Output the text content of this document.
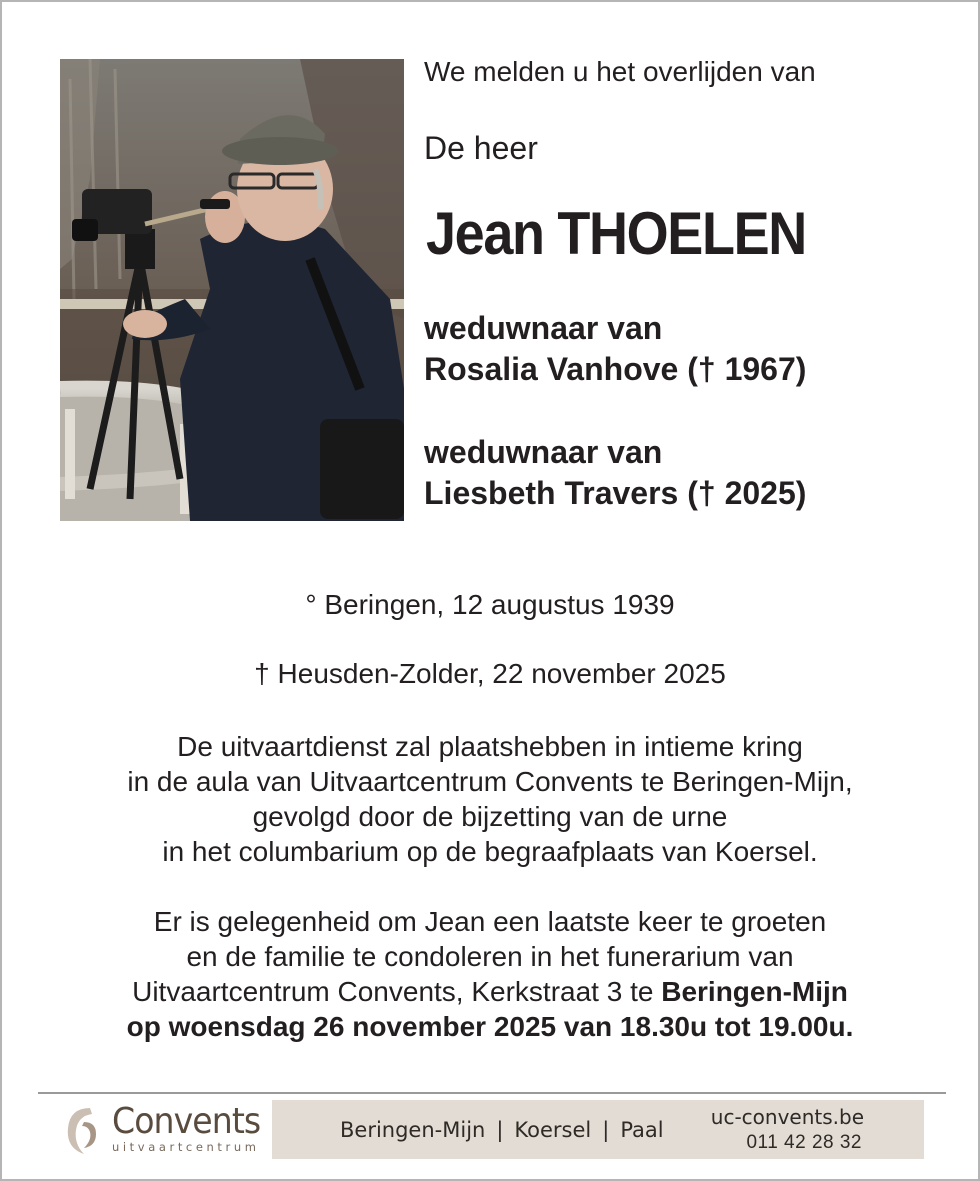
We melden u het overlijden van
De heer
Jean THOELEN
weduwnaar van
Rosalia Vanhove († 1967)
weduwnaar van
Liesbeth Travers († 2025)
° Beringen, 12 augustus 1939
† Heusden-Zolder, 22 november 2025
De uitvaartdienst zal plaatshebben in intieme kring
in de aula van Uitvaartcentrum Convents te Beringen-Mijn,
gevolgd door de bijzetting van de urne
in het columbarium op de begraafplaats van Koersel.
Er is gelegenheid om Jean een laatste keer te groeten
en de familie te condoleren in het funerarium van
Uitvaartcentrum Convents, Kerkstraat 3 te Beringen-Mijn
op woensdag 26 november 2025 van 18.30u tot 19.00u.
Convents
uitvaartcentrum
Beringen-Mijn | Koersel | Paal
uc-convents.be
011 42 28 32
